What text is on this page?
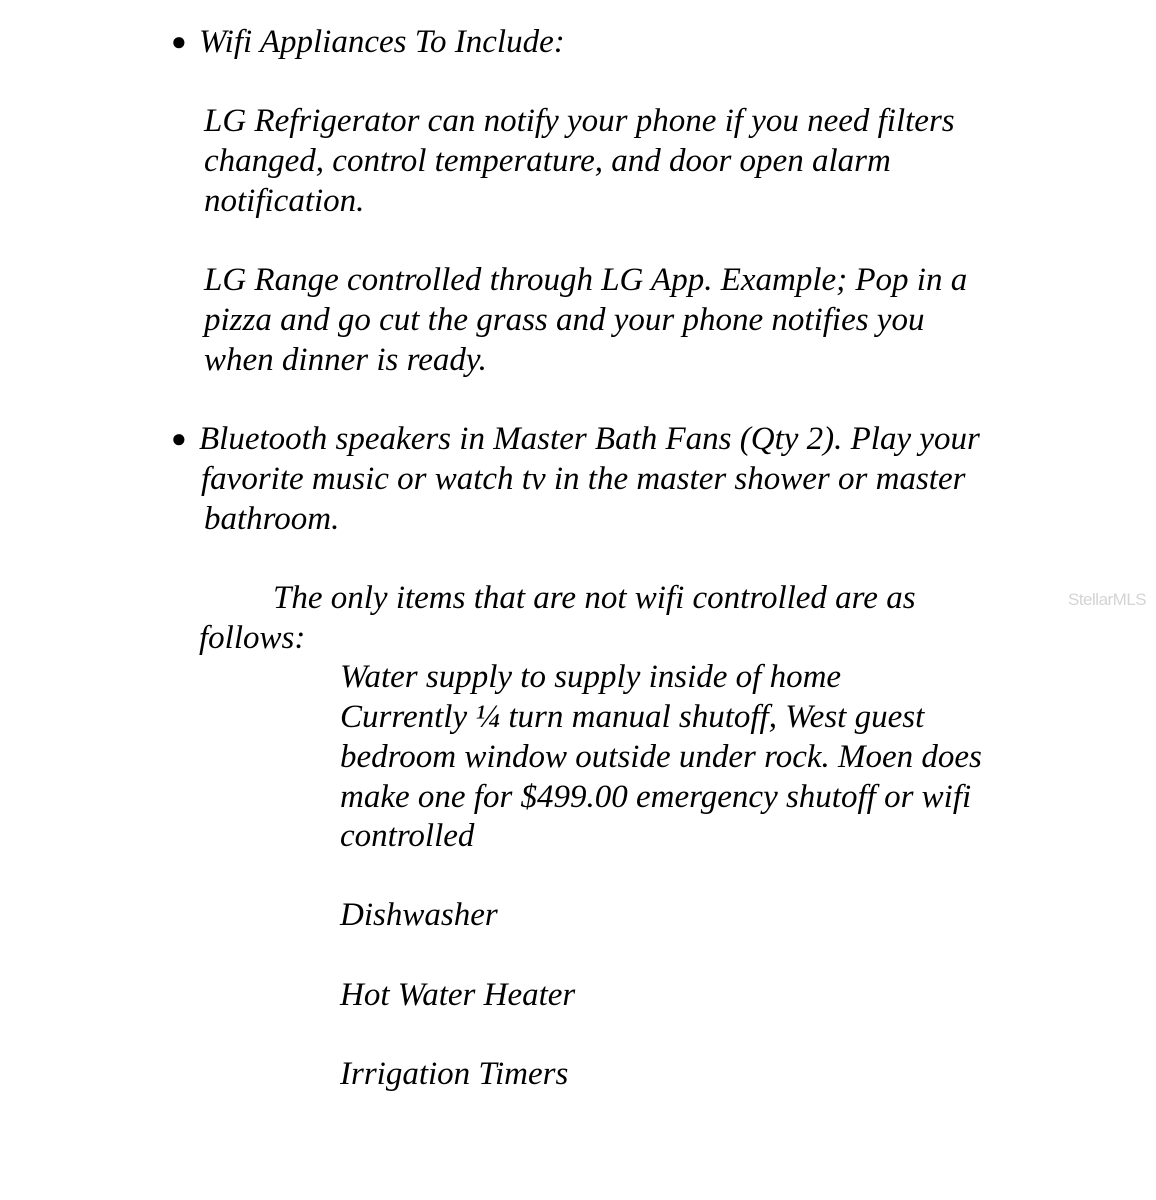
● Wifi Appliances To Include:
LG Refrigerator can notify your phone if you need filters
changed, control temperature, and door open alarm
notification.
LG Range controlled through LG App. Example; Pop in a
pizza and go cut the grass and your phone notifies you
when dinner is ready.
● Bluetooth speakers in Master Bath Fans (Qty 2). Play your
favorite music or watch tv in the master shower or master
bathroom.
The only items that are not wifi controlled are as
follows:
Water supply to supply inside of home
Currently ¼ turn manual shutoff, West guest
bedroom window outside under rock. Moen does
make one for $499.00 emergency shutoff or wifi
controlled
Dishwasher
Hot Water Heater
Irrigation Timers
StellarMLS
